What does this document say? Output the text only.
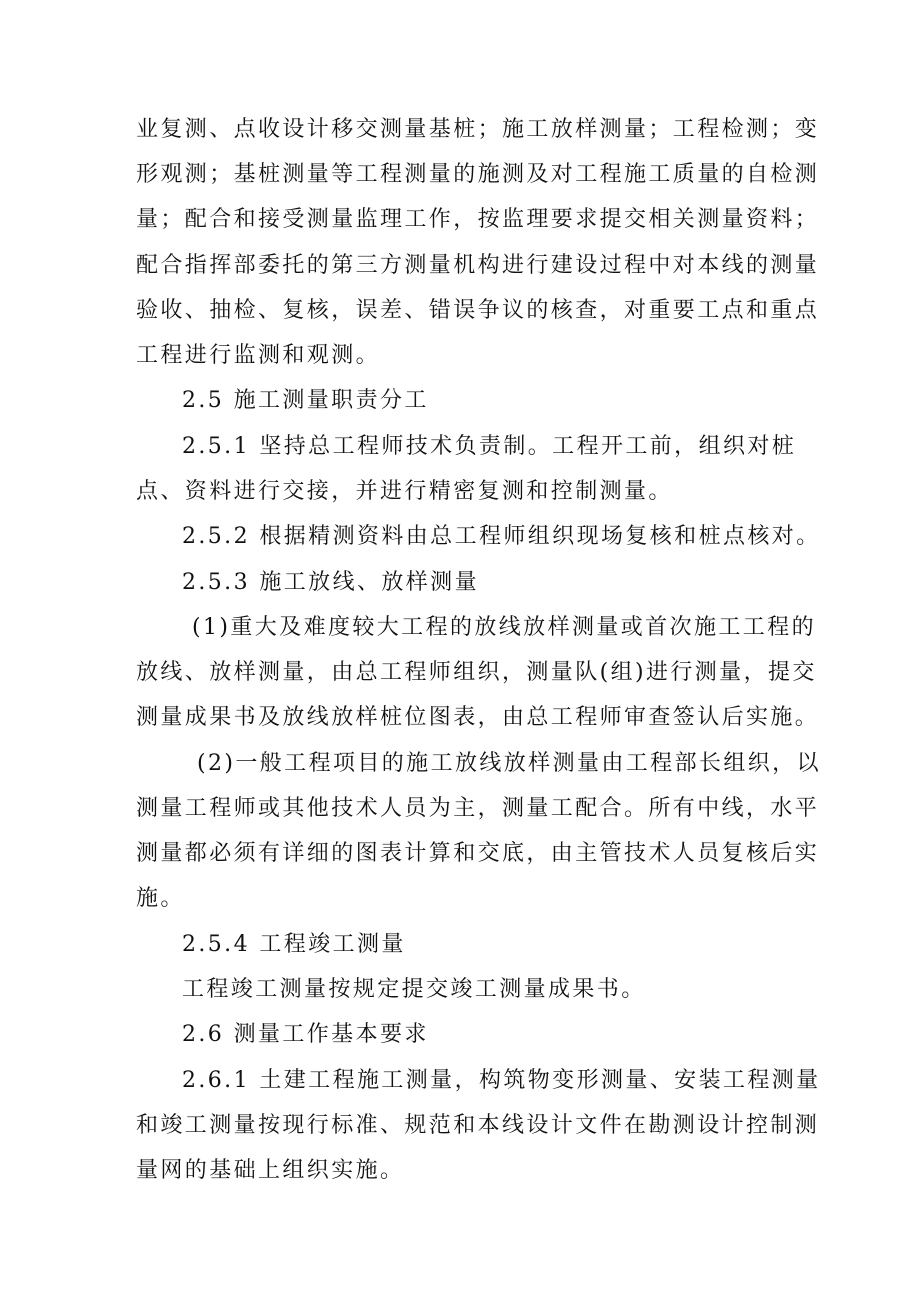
业复测、点收设计移交测量基桩；施工放样测量；工程检测；变
形观测；基桩测量等工程测量的施测及对工程施工质量的自检测
量；配合和接受测量监理工作，按监理要求提交相关测量资料；
配合指挥部委托的第三方测量机构进行建设过程中对本线的测量
验收、抽检、复核，误差、错误争议的核查，对重要工点和重点
工程进行监测和观测。
2.5 施工测量职责分工
2.5.1 坚持总工程师技术负责制。工程开工前，组织对桩
点、资料进行交接，并进行精密复测和控制测量。
2.5.2 根据精测资料由总工程师组织现场复核和桩点核对。
2.5.3 施工放线、放样测量
(1)重大及难度较大工程的放线放样测量或首次施工工程的
放线、放样测量，由总工程师组织，测量队(组)进行测量，提交
测量成果书及放线放样桩位图表，由总工程师审查签认后实施。
(2)一般工程项目的施工放线放样测量由工程部长组织，以
测量工程师或其他技术人员为主，测量工配合。所有中线，水平
测量都必须有详细的图表计算和交底，由主管技术人员复核后实
施。
2.5.4 工程竣工测量
工程竣工测量按规定提交竣工测量成果书。
2.6 测量工作基本要求
2.6.1 土建工程施工测量，构筑物变形测量、安装工程测量
和竣工测量按现行标准、规范和本线设计文件在勘测设计控制测
量网的基础上组织实施。
